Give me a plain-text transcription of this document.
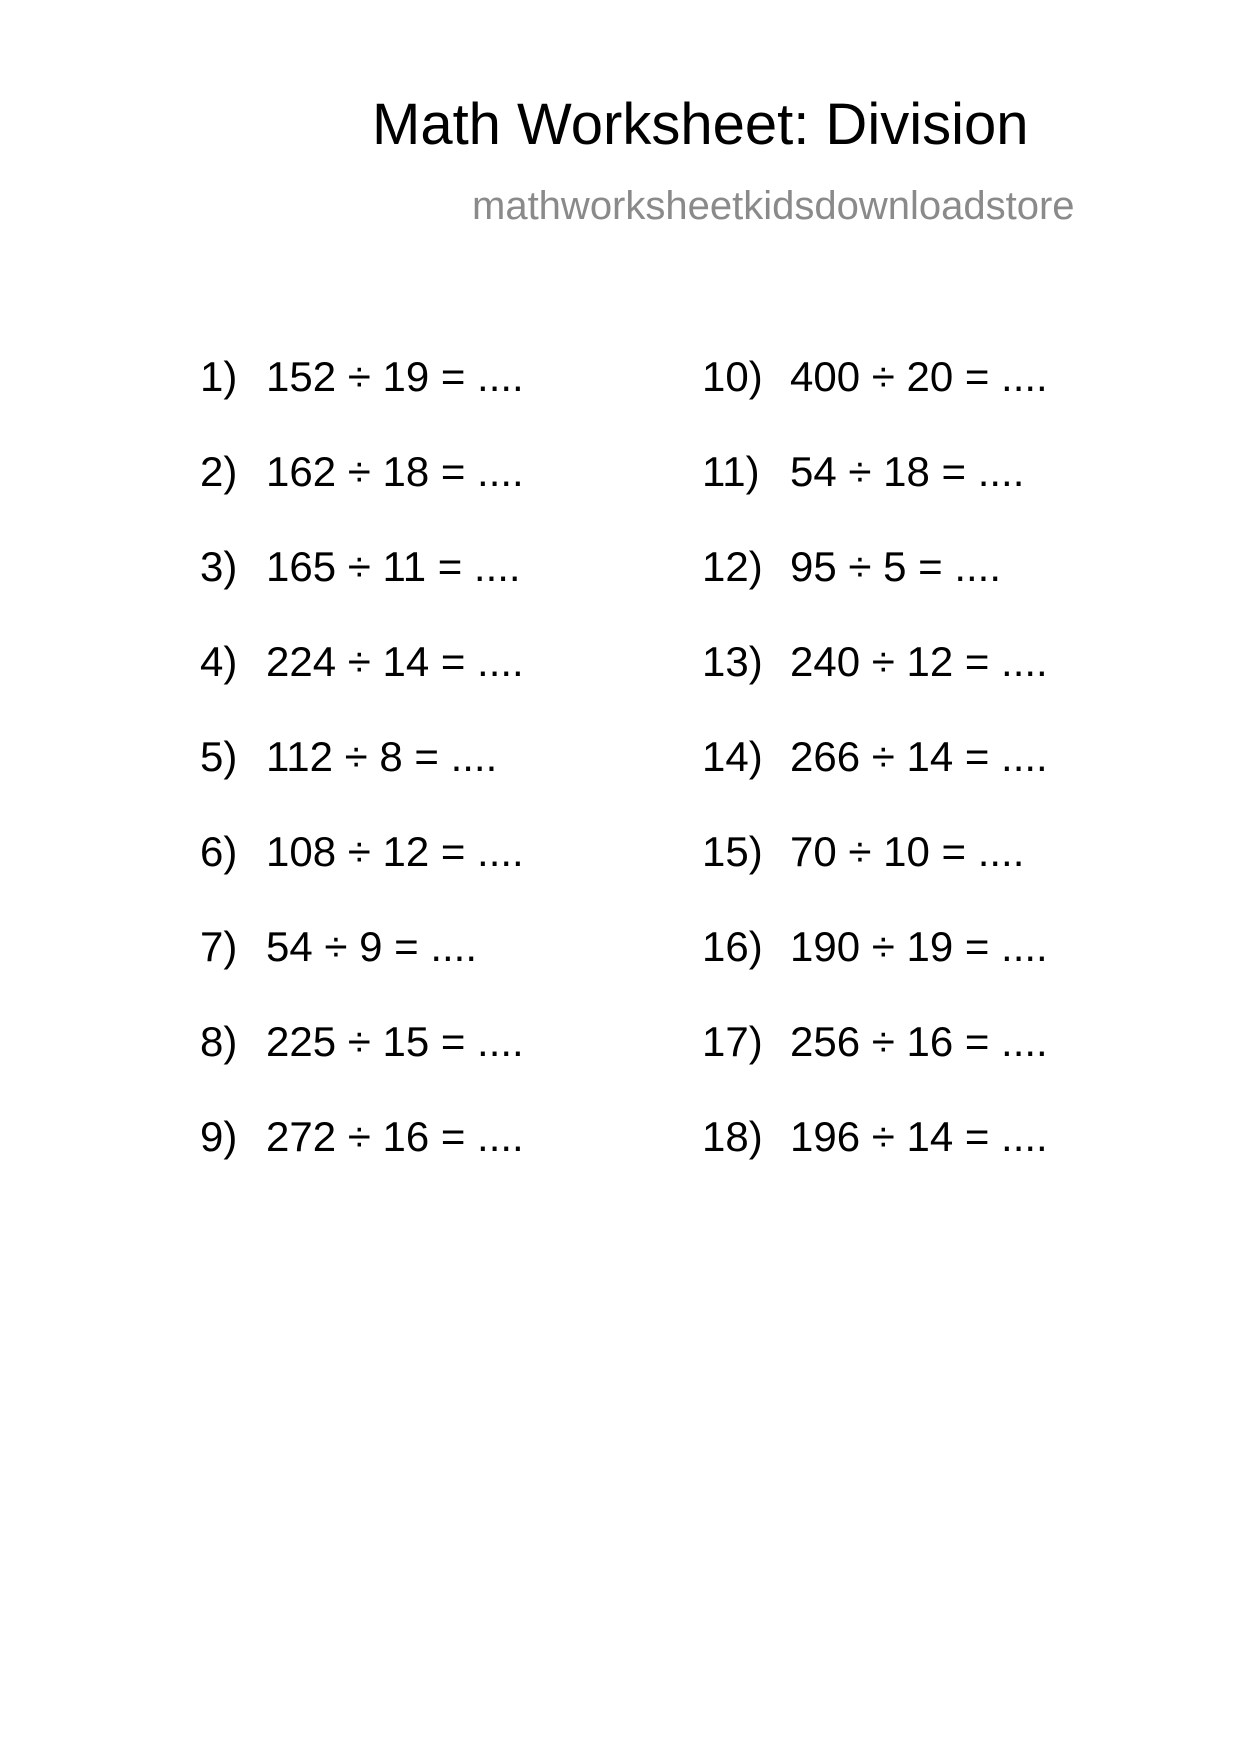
Math Worksheet: Division
mathworksheetkidsdownloadstore
1) 152 ÷ 19 = ....
2) 162 ÷ 18 = ....
3) 165 ÷ 11 = ....
4) 224 ÷ 14 = ....
5) 112 ÷ 8 = ....
6) 108 ÷ 12 = ....
7) 54 ÷ 9 = ....
8) 225 ÷ 15 = ....
9) 272 ÷ 16 = ....
10) 400 ÷ 20 = ....
11) 54 ÷ 18 = ....
12) 95 ÷ 5 = ....
13) 240 ÷ 12 = ....
14) 266 ÷ 14 = ....
15) 70 ÷ 10 = ....
16) 190 ÷ 19 = ....
17) 256 ÷ 16 = ....
18) 196 ÷ 14 = ....
